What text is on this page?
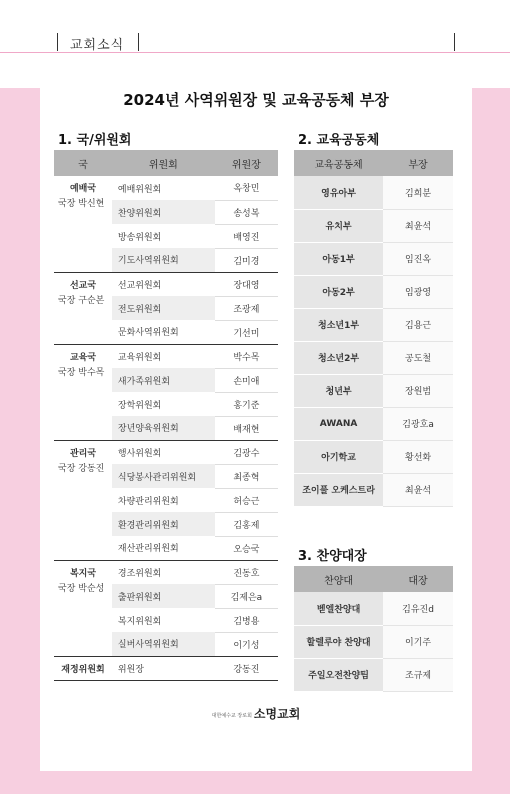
교회소식
2024년 사역위원장 및 교육공동체 부장
1. 국/위원회
국	위원회	위원장

예배국
국장 박신현	예배위원회	옥창민
	찬양위원회	송성복
	방송위원회	배영진
	기도사역위원회	김미경

선교국
국장 구순본	선교위원회	장대영
	전도위원회	조광제
	문화사역위원회	기선미

교육국
국장 박수목	교육위원회	박수목
	새가족위원회	손미애
	장학위원회	홍기준
	장년양육위원회	배재현

관리국
국장 강동진	행사위원회	김광수
	식당봉사관리위원회	최종혁
	차량관리위원회	허승근
	환경관리위원회	김홍제
	재산관리위원회	오승국

복지국
국장 박순성	경조위원회	진동호
	출판위원회	김제은a
	복지위원회	김병용
	실버사역위원회	이기성

재정위원회	위원장	강동진
2. 교육공동체
교육공동체	부장
영유아부	김희분
유치부	최윤석
아동1부	임진옥
아동2부	임광영
청소년1부	김용근
청소년2부	공도철
청년부	장원범
AWANA	김광호a
아기학교	황선화
조이풀 오케스트라	최윤석
3. 찬양대장
찬양대	대장
벧엘찬양대	김유진d
할렐루야 찬양대	이기주
주일오전찬양팀	조규제
대한예수교 장로회 소명교회
